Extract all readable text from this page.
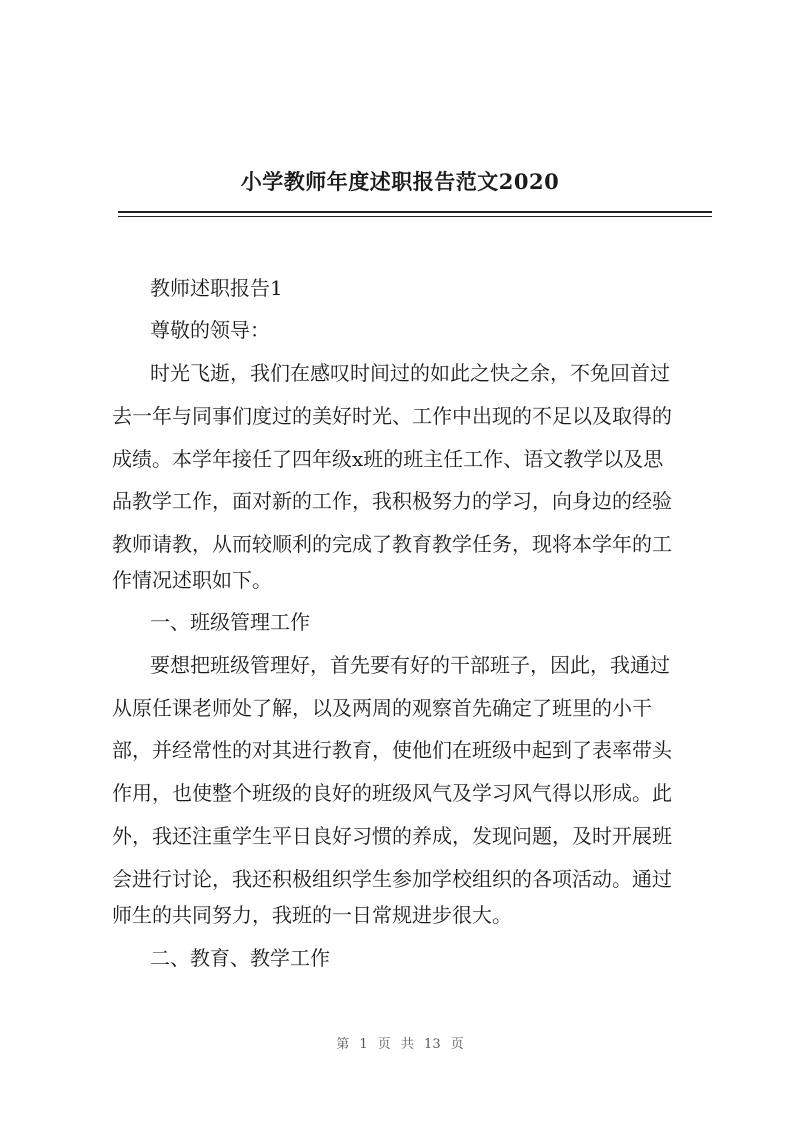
小学教师年度述职报告范文2020
教师述职报告1
尊敬的领导：
时光飞逝，我们在感叹时间过的如此之快之余，不免回首过
去一年与同事们度过的美好时光、工作中出现的不足以及取得的
成绩。本学年接任了四年级x班的班主任工作、语文教学以及思
品教学工作，面对新的工作，我积极努力的学习，向身边的经验
教师请教，从而较顺利的完成了教育教学任务，现将本学年的工
作情况述职如下。
一、班级管理工作
要想把班级管理好，首先要有好的干部班子，因此，我通过
从原任课老师处了解，以及两周的观察首先确定了班里的小干
部，并经常性的对其进行教育，使他们在班级中起到了表率带头
作用，也使整个班级的良好的班级风气及学习风气得以形成。此
外，我还注重学生平日良好习惯的养成，发现问题，及时开展班
会进行讨论，我还积极组织学生参加学校组织的各项活动。通过
师生的共同努力，我班的一日常规进步很大。
二、教育、教学工作
第 1 页 共 13 页
